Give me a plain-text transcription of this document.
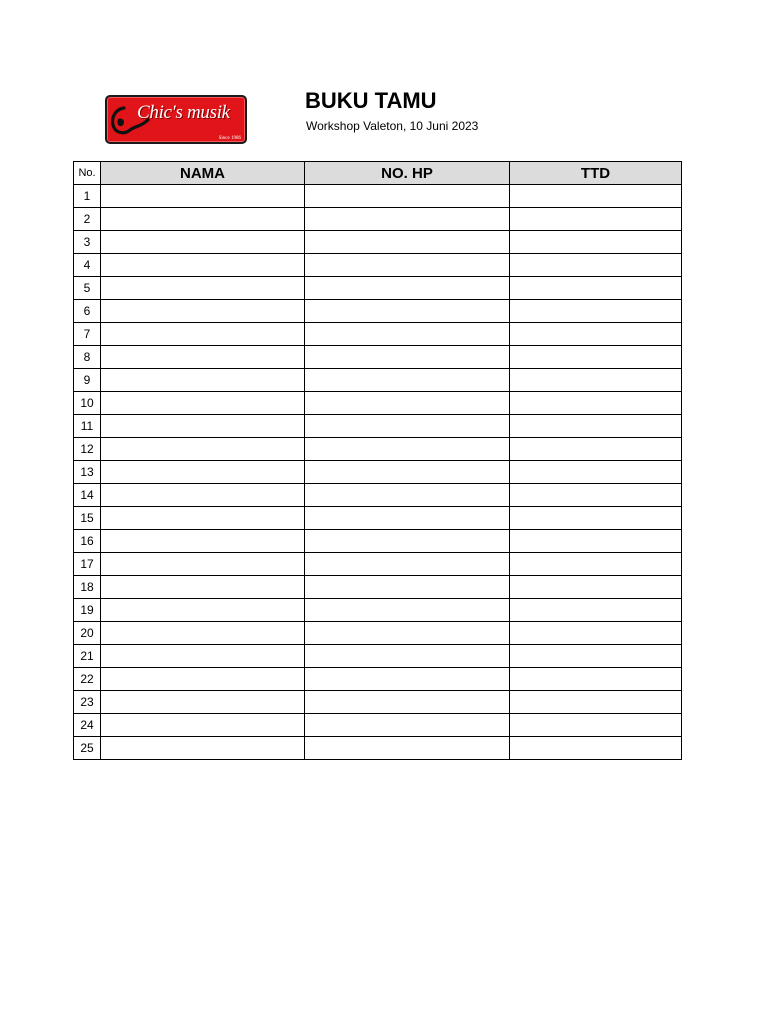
Chic's musik
Since 1986
BUKU TAMU
Workshop Valeton, 10 Juni 2023
No.	NAMA	NO. HP	TTD
1			
2			
3			
4			
5			
6			
7			
8			
9			
10			
11			
12			
13			
14			
15			
16			
17			
18			
19			
20			
21			
22			
23			
24			
25			
